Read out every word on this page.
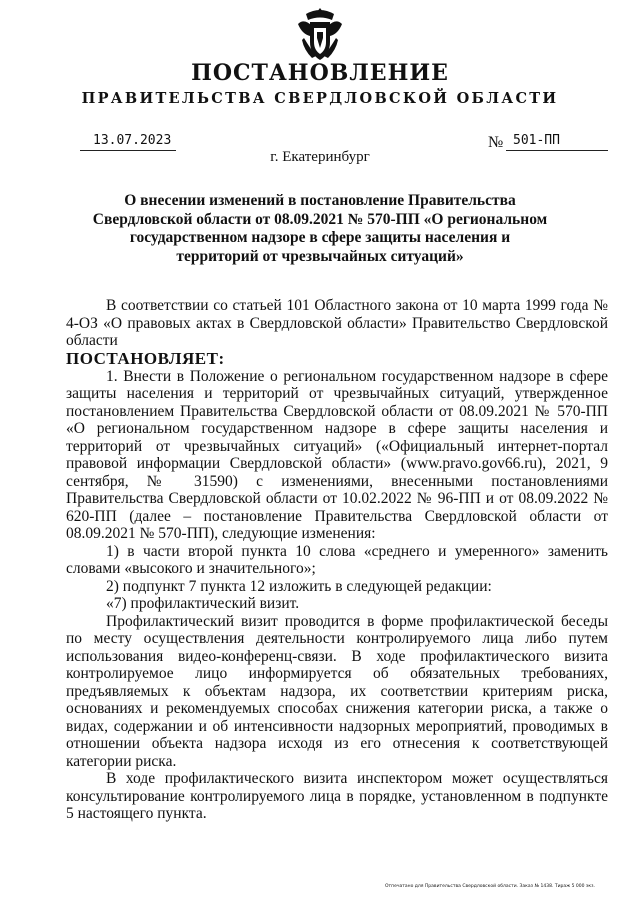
ПОСТАНОВЛЕНИЕ
ПРАВИТЕЛЬСТВА СВЕРДЛОВСКОЙ ОБЛАСТИ
13.07.2023	№ 501-ПП
г. Екатеринбург
О внесении изменений в постановление Правительства Свердловской области от 08.09.2021 № 570-ПП «О региональном государственном надзоре в сфере защиты населения и территорий от чрезвычайных ситуаций»

В соответствии со статьей 101 Областного закона от 10 марта 1999 года № 4-ОЗ «О правовых актах в Свердловской области» Правительство Свердловской области

ПОСТАНОВЛЯЕТ:

1. Внести в Положение о региональном государственном надзоре в сфере защиты населения и территорий от чрезвычайных ситуаций, утвержденное постановлением Правительства Свердловской области от 08.09.2021 № 570-ПП «О региональном государственном надзоре в сфере защиты населения и территорий от чрезвычайных ситуаций» («Официальный интернет-портал правовой информации Свердловской области» (www.pravo.gov66.ru), 2021, 9 сентября, № 31590) с изменениями, внесенными постановлениями Правительства Свердловской области от 10.02.2022 № 96-ПП и от 08.09.2022 № 620-ПП (далее – постановление Правительства Свердловской области от 08.09.2021 № 570-ПП), следующие изменения:

1) в части второй пункта 10 слова «среднего и умеренного» заменить словами «высокого и значительного»;

2) подпункт 7 пункта 12 изложить в следующей редакции:

«7) профилактический визит.

Профилактический визит проводится в форме профилактической беседы по месту осуществления деятельности контролируемого лица либо путем использования видео-конференц-связи. В ходе профилактического визита контролируемое лицо информируется об обязательных требованиях, предъявляемых к объектам надзора, их соответствии критериям риска, основаниях и рекомендуемых способах снижения категории риска, а также о видах, содержании и об интенсивности надзорных мероприятий, проводимых в отношении объекта надзора исходя из его отнесения к соответствующей категории риска.

В ходе профилактического визита инспектором может осуществляться консультирование контролируемого лица в порядке, установленном в подпункте 5 настоящего пункта.

Отпечатано для Правительства Свердловской области. Заказ № 1438. Тираж 5 000 экз.
